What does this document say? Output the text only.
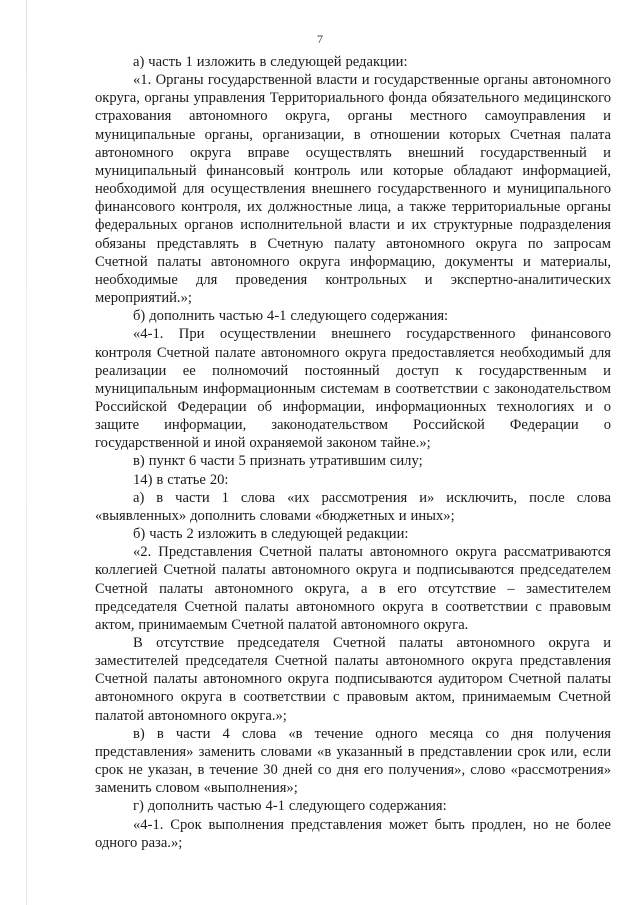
7

а) часть 1 изложить в следующей редакции:

«1. Органы государственной власти и государственные органы автономного округа, органы управления Территориального фонда обязательного медицинского страхования автономного округа, органы местного самоуправления и муниципальные органы, организации, в отношении которых Счетная палата автономного округа вправе осуществлять внешний государственный и муниципальный финансовый контроль или которые обладают информацией, необходимой для осуществления внешнего государственного и муниципального финансового контроля, их должностные лица, а также территориальные органы федеральных органов исполнительной власти и их структурные подразделения обязаны представлять в Счетную палату автономного округа по запросам Счетной палаты автономного округа информацию, документы и материалы, необходимые для проведения контрольных и экспертно-аналитических мероприятий.»;

б) дополнить частью 4-1 следующего содержания:

«4-1. При осуществлении внешнего государственного финансового контроля Счетной палате автономного округа предоставляется необходимый для реализации ее полномочий постоянный доступ к государственным и муниципальным информационным системам в соответствии с законодательством Российской Федерации об информации, информационных технологиях и о защите информации, законодательством Российской Федерации о государственной и иной охраняемой законом тайне.»;

в) пункт 6 части 5 признать утратившим силу;

14) в статье 20:

а) в части 1 слова «их рассмотрения и» исключить, после слова «выявленных» дополнить словами «бюджетных и иных»;

б) часть 2 изложить в следующей редакции:

«2. Представления Счетной палаты автономного округа рассматриваются коллегией Счетной палаты автономного округа и подписываются председателем Счетной палаты автономного округа, а в его отсутствие – заместителем председателя Счетной палаты автономного округа в соответствии с правовым актом, принимаемым Счетной палатой автономного округа.

В отсутствие председателя Счетной палаты автономного округа и заместителей председателя Счетной палаты автономного округа представления Счетной палаты автономного округа подписываются аудитором Счетной палаты автономного округа в соответствии с правовым актом, принимаемым Счетной палатой автономного округа.»;

в) в части 4 слова «в течение одного месяца со дня получения представления» заменить словами «в указанный в представлении срок или, если срок не указан, в течение 30 дней со дня его получения», слово «рассмотрения» заменить словом «выполнения»;

г) дополнить частью 4-1 следующего содержания:

«4-1. Срок выполнения представления может быть продлен, но не более одного раза.»;
